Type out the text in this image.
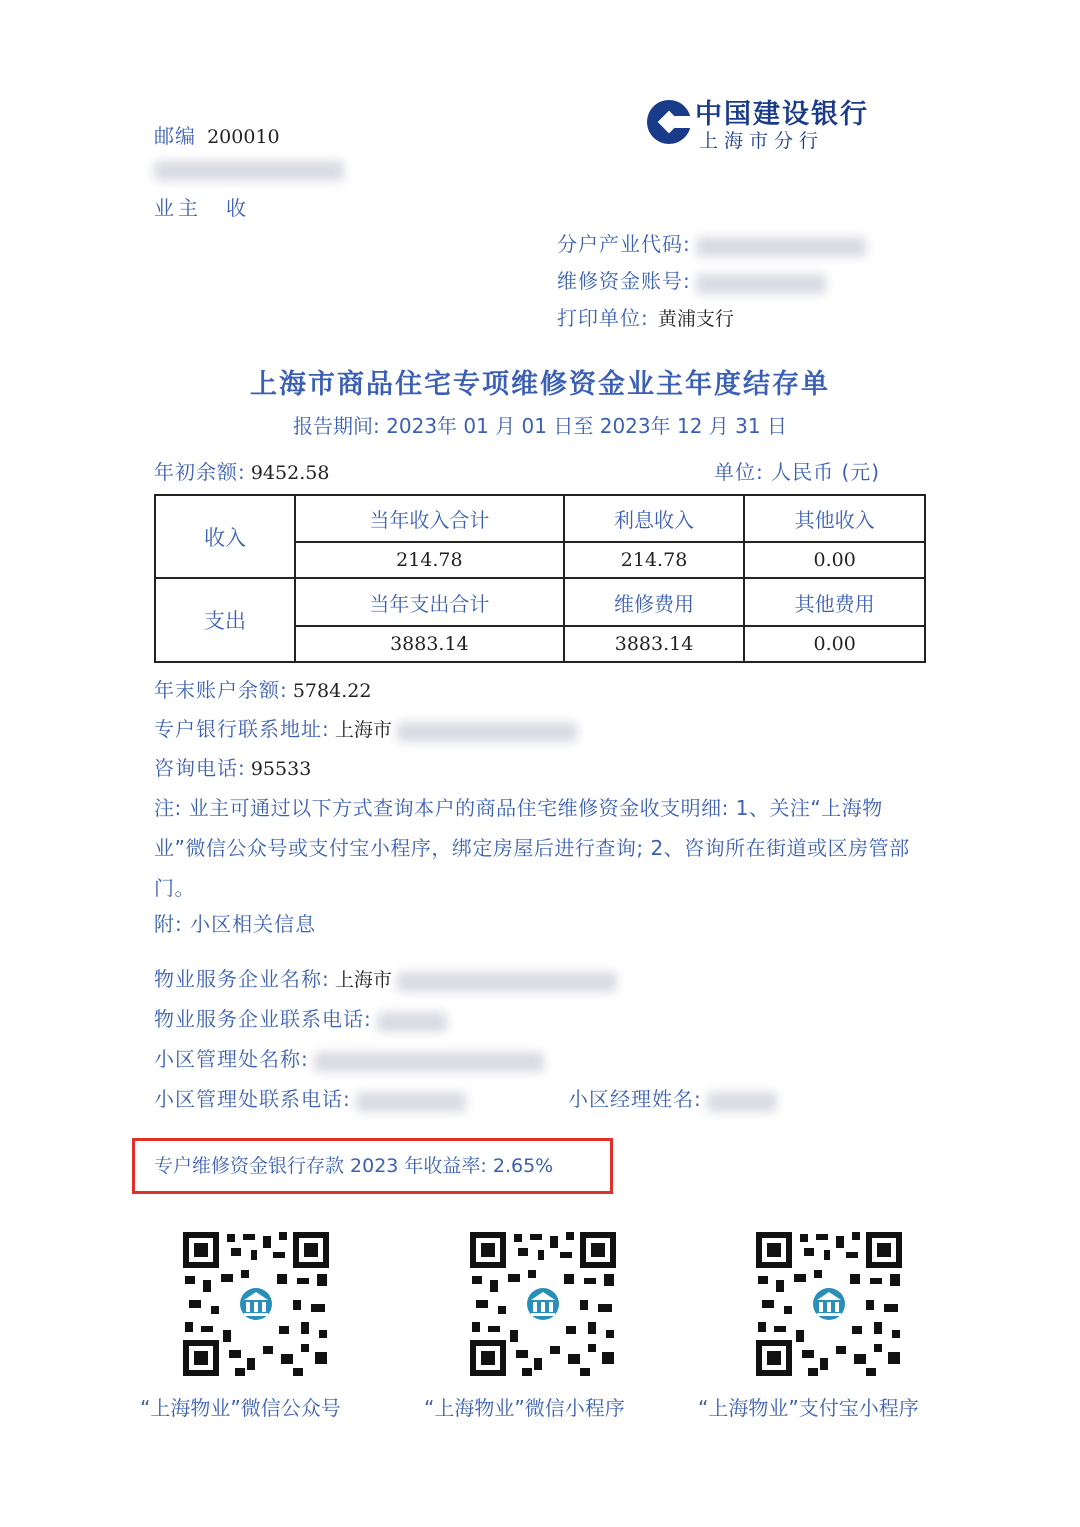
中国建设银行
上海市分行
邮编 200010
业主　收
分户产业代码:
维修资金账号:
打印单位: 黄浦支行
上海市商品住宅专项维修资金业主年度结存单
报告期间: 2023年 01 月 01 日至 2023年 12 月 31 日
年初余额: 9452.58	单位: 人民币 (元)
收入	当年收入合计	利息收入	其他收入
	214.78	214.78	0.00
支出	当年支出合计	维修费用	其他费用
	3883.14	3883.14	0.00
年末账户余额: 5784.22
专户银行联系地址: 上海市
咨询电话: 95533
注: 业主可通过以下方式查询本户的商品住宅维修资金收支明细: 1、关注“上海物业”微信公众号或支付宝小程序，绑定房屋后进行查询; 2、咨询所在街道或区房管部门。
附: 小区相关信息
物业服务企业名称: 上海市
物业服务企业联系电话:
小区管理处名称:
小区管理处联系电话:	小区经理姓名:
专户维修资金银行存款 2023 年收益率: 2.65%
“上海物业”微信公众号	“上海物业”微信小程序	“上海物业”支付宝小程序
